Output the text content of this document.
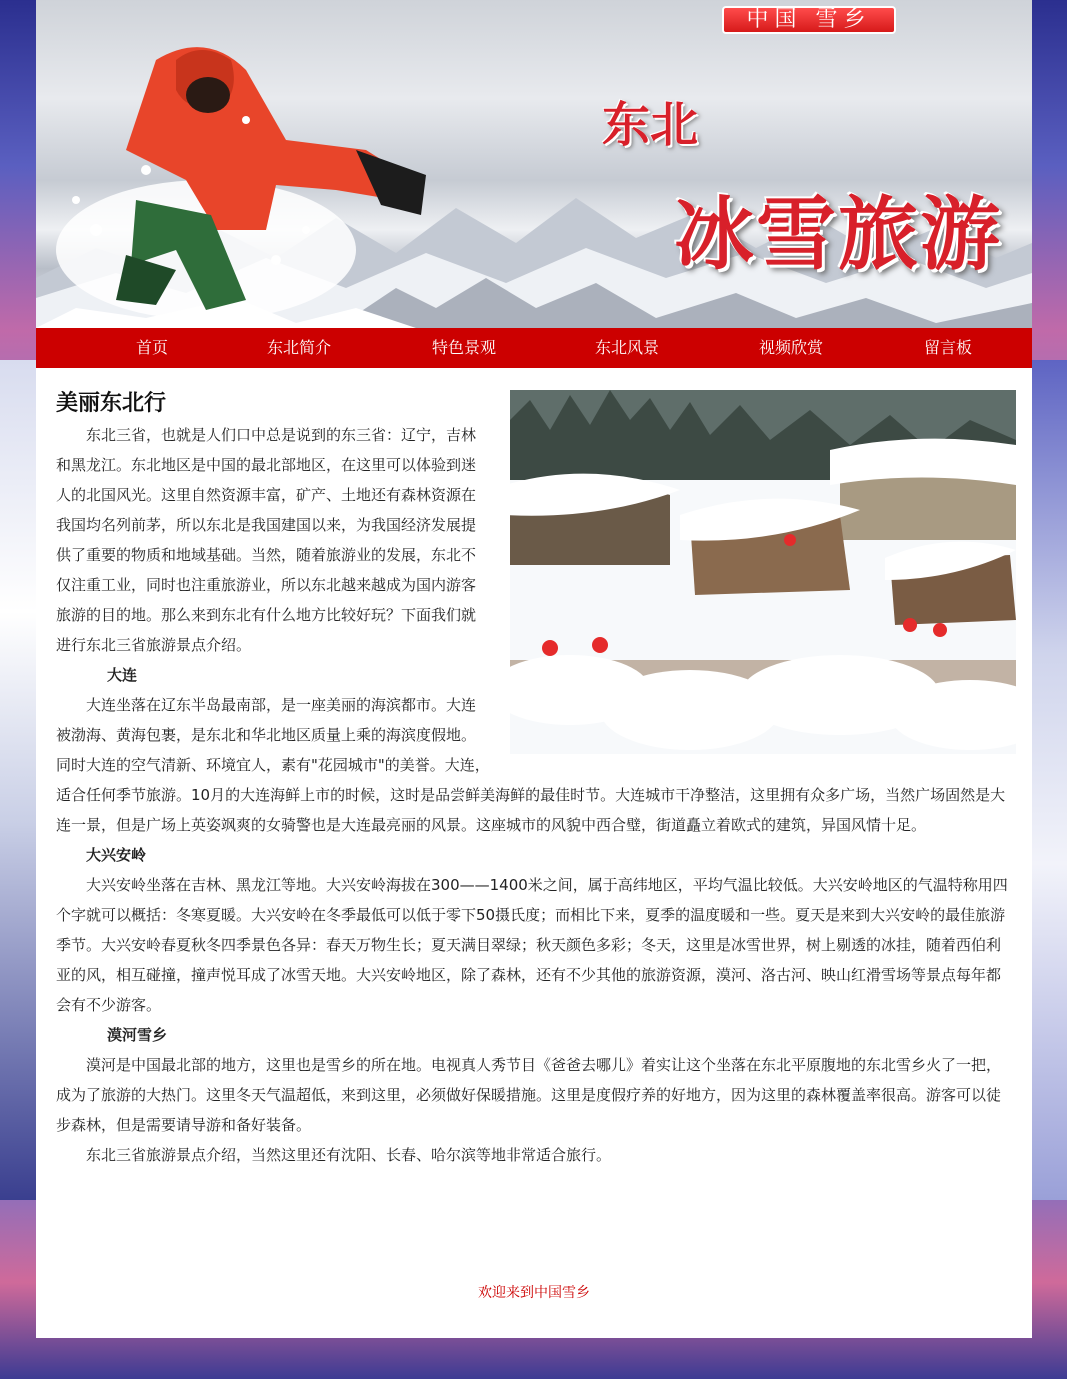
中国 雪乡
东北
冰雪旅游
首页	东北简介	特色景观	东北风景	视频欣赏	留言板
美丽东北行

东北三省，也就是人们口中总是说到的东三省：辽宁，吉林和黑龙江。东北地区是中国的最北部地区，在这里可以体验到迷人的北国风光。这里自然资源丰富，矿产、土地还有森林资源在我国均名列前茅，所以东北是我国建国以来，为我国经济发展提供了重要的物质和地域基础。当然，随着旅游业的发展，东北不仅注重工业，同时也注重旅游业，所以东北越来越成为国内游客旅游的目的地。那么来到东北有什么地方比较好玩？下面我们就进行东北三省旅游景点介绍。

大连

大连坐落在辽东半岛最南部，是一座美丽的海滨都市。大连被渤海、黄海包裹，是东北和华北地区质量上乘的海滨度假地。同时大连的空气清新、环境宜人，素有"花园城市"的美誉。大连，适合任何季节旅游。10月的大连海鲜上市的时候，这时是品尝鲜美海鲜的最佳时节。大连城市干净整洁，这里拥有众多广场，当然广场固然是大连一景，但是广场上英姿飒爽的女骑警也是大连最亮丽的风景。这座城市的风貌中西合璧，街道矗立着欧式的建筑，异国风情十足。

大兴安岭

大兴安岭坐落在吉林、黑龙江等地。大兴安岭海拔在300——1400米之间，属于高纬地区，平均气温比较低。大兴安岭地区的气温特称用四个字就可以概括：冬寒夏暖。大兴安岭在冬季最低可以低于零下50摄氏度；而相比下来，夏季的温度暖和一些。夏天是来到大兴安岭的最佳旅游季节。大兴安岭春夏秋冬四季景色各异：春天万物生长；夏天满目翠绿；秋天颜色多彩；冬天，这里是冰雪世界，树上剔透的冰挂，随着西伯利亚的风，相互碰撞，撞声悦耳成了冰雪天地。大兴安岭地区，除了森林，还有不少其他的旅游资源，漠河、洛古河、映山红滑雪场等景点每年都会有不少游客。

漠河雪乡

漠河是中国最北部的地方，这里也是雪乡的所在地。电视真人秀节目《爸爸去哪儿》着实让这个坐落在东北平原腹地的东北雪乡火了一把，成为了旅游的大热门。这里冬天气温超低，来到这里，必须做好保暖措施。这里是度假疗养的好地方，因为这里的森林覆盖率很高。游客可以徒步森林，但是需要请导游和备好装备。

东北三省旅游景点介绍，当然这里还有沈阳、长春、哈尔滨等地非常适合旅行。

欢迎来到中国雪乡
